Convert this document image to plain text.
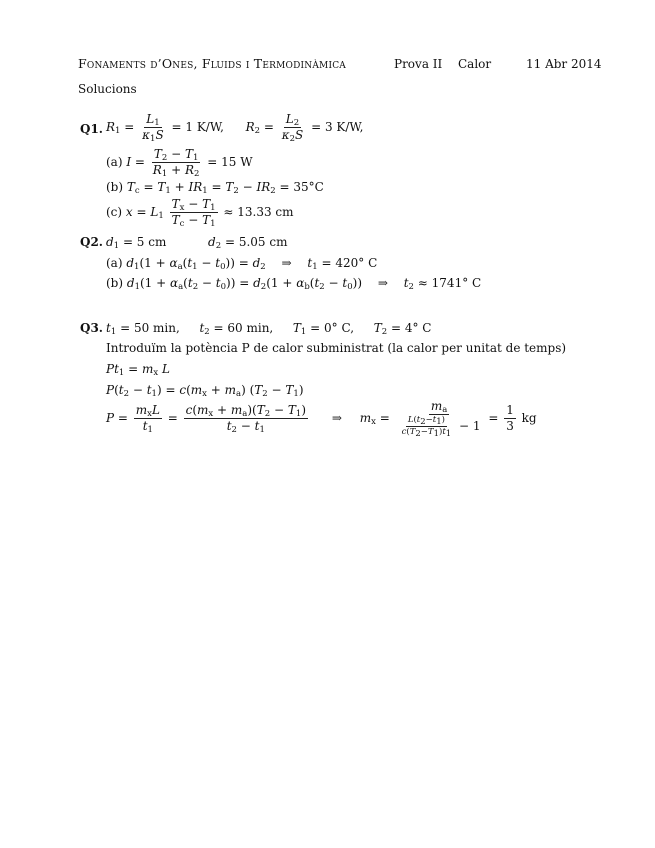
Fonaments d’Ones, Fluids i Termodinàmica	Prova II Calor	11 Abr 2014
Solucions
Q1. $R_1 = \frac{L_1}{\kappa_1S} = 1$ K/W, $R_2 = \frac{L_2}{\kappa_2S} = 3$ K/W,
(a) $I = \frac{T_2 - T_1}{R_1 + R_2} = 15$ W
(b) $T_c = T_1 + IR_1 = T_2 - IR_2 = 35^\circ C$
(c) $x = L_1 \frac{T_x - T_1}{T_c - T_1} \approx 13.33$ cm
Q2. $d_1 = 5$ cm	$d_2 = 5.05$ cm
(a) $d_1(1 + \alpha_a(t_1 - t_0)) = d_2$ ⇒ $t_1 = 420^\circ$ C
(b) $d_1(1 + \alpha_a(t_2 - t_0)) = d_2(1 + \alpha_b(t_2 - t_0))$ ⇒ $t_2 \approx 1741^\circ$ C
Q3. $t_1 = 50$ min, $t_2 = 60$ min, $T_1 = 0^\circ$ C, $T_2 = 4^\circ$ C
Introduïm la potència P de calor subministrat (la calor per unitat de temps)
$Pt_1 = m_x$ L
$P(t_2 - t_1) = c(m_x + m_a) (T_2 - T_1)$
$P = \frac{m_xL}{t_1} = \frac{c(m_x + m_a)(T_2 - T_1)}{t_2 - t_1}$ ⇒ $m_x = \frac{m_a}{\frac{L(t_2-t_1)}{c(T_2-T_1)t_1} - 1} = \frac{1}{3}$ kg
